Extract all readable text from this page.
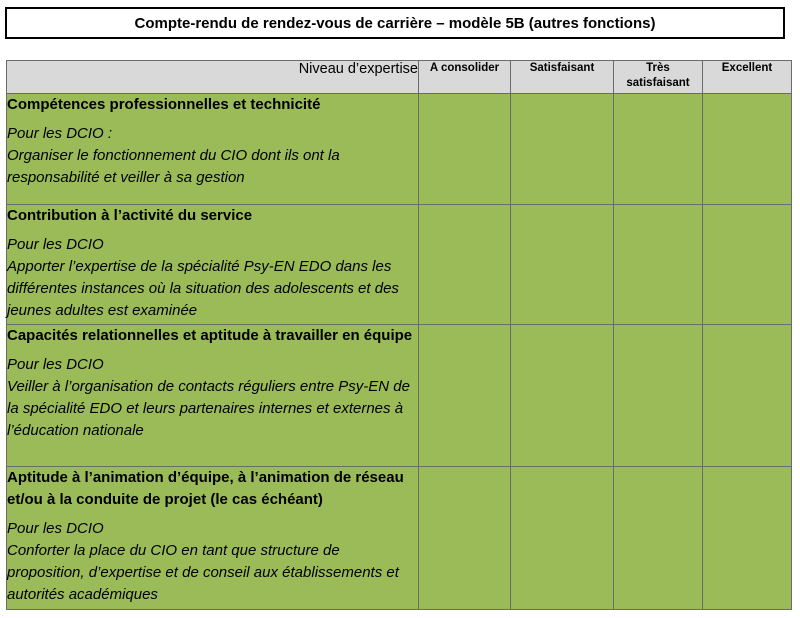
Compte-rendu de rendez-vous de carrière – modèle 5B (autres fonctions)
Niveau d’expertise	A consolider	Satisfaisant	Très satisfaisant	Excellent

Compétences professionnelles et technicité
Pour les DCIO :
Organiser le fonctionnement du CIO dont ils ont la responsabilité et veiller à sa gestion				

Contribution à l’activité du service
Pour les DCIO
Apporter l’expertise de la spécialité Psy-EN EDO dans les différentes instances où la situation des adolescents et des jeunes adultes est examinée				

Capacités relationnelles et aptitude à travailler en équipe
Pour les DCIO
Veiller à l’organisation de contacts réguliers entre Psy-EN de la spécialité EDO et leurs partenaires internes et externes à l’éducation nationale				

Aptitude à l’animation d’équipe, à l’animation de réseau et/ou à la conduite de projet (le cas échéant)
Pour les DCIO
Conforter la place du CIO en tant que structure de proposition, d’expertise et de conseil aux établissements et autorités académiques				
